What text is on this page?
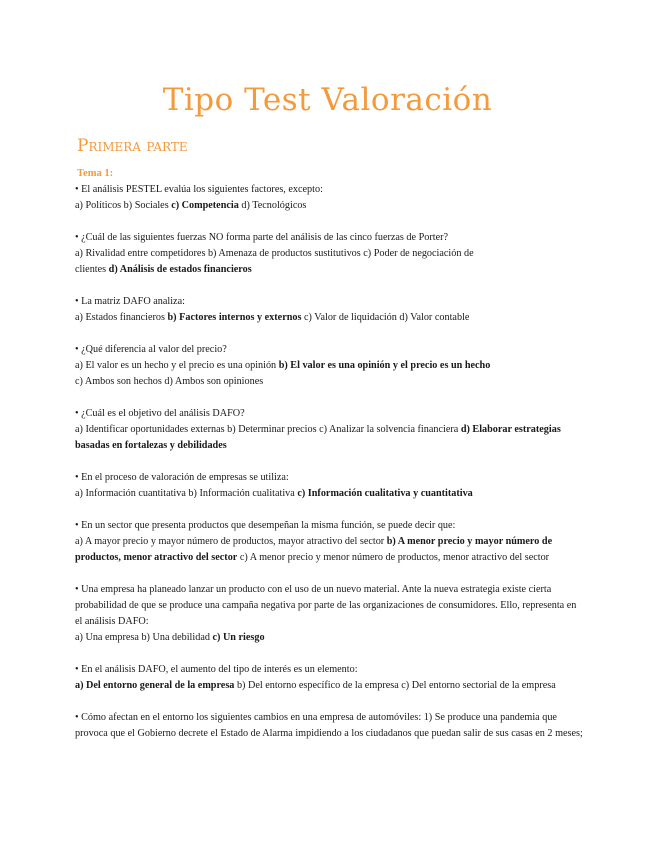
Tipo Test Valoración
Primera parte
Tema 1:
• El análisis PESTEL evalúa los siguientes factores, excepto:
a) Políticos b) Sociales c) Competencia d) Tecnológicos
• ¿Cuál de las siguientes fuerzas NO forma parte del análisis de las cinco fuerzas de Porter?
a) Rivalidad entre competidores b) Amenaza de productos sustitutivos c) Poder de negociación de
clientes d) Análisis de estados financieros
• La matriz DAFO analiza:
a) Estados financieros b) Factores internos y externos c) Valor de liquidación d) Valor contable
• ¿Qué diferencia al valor del precio?
a) El valor es un hecho y el precio es una opinión b) El valor es una opinión y el precio es un hecho
c) Ambos son hechos d) Ambos son opiniones
• ¿Cuál es el objetivo del análisis DAFO?
a) Identificar oportunidades externas b) Determinar precios c) Analizar la solvencia financiera d) Elaborar estrategias
basadas en fortalezas y debilidades
• En el proceso de valoración de empresas se utiliza:
a) Información cuantitativa b) Información cualitativa c) Información cualitativa y cuantitativa
• En un sector que presenta productos que desempeñan la misma función, se puede decir que:
a) A mayor precio y mayor número de productos, mayor atractivo del sector b) A menor precio y mayor número de
productos, menor atractivo del sector c) A menor precio y menor número de productos, menor atractivo del sector
• Una empresa ha planeado lanzar un producto con el uso de un nuevo material. Ante la nueva estrategia existe cierta
probabilidad de que se produce una campaña negativa por parte de las organizaciones de consumidores. Ello, representa en
el análisis DAFO:
a) Una empresa b) Una debilidad c) Un riesgo
• En el análisis DAFO, el aumento del tipo de interés es un elemento:
a) Del entorno general de la empresa b) Del entorno específico de la empresa c) Del entorno sectorial de la empresa
• Cómo afectan en el entorno los siguientes cambios en una empresa de automóviles: 1) Se produce una pandemia que
provoca que el Gobierno decrete el Estado de Alarma impidiendo a los ciudadanos que puedan salir de sus casas en 2 meses;
